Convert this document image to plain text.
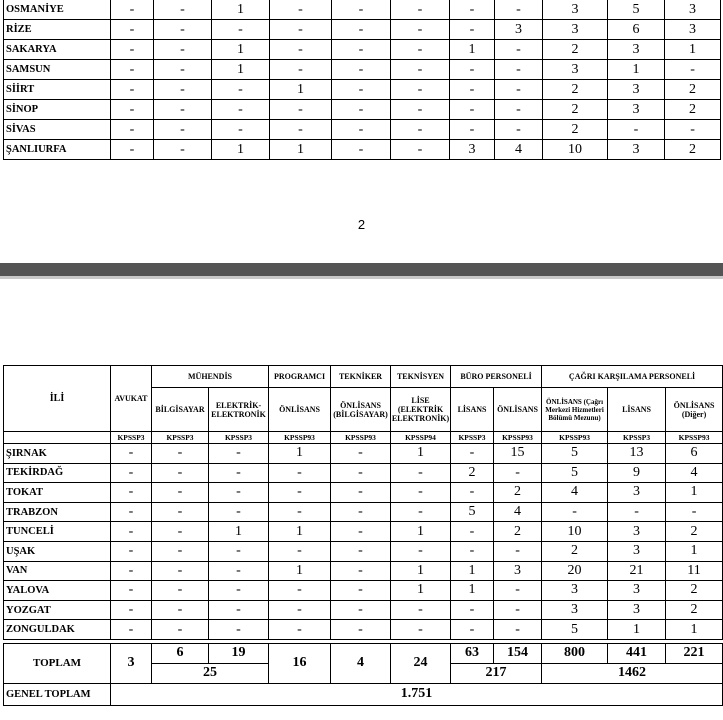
OSMANİYE	-	-	1	-	-	-	-	-	3	5	3
RİZE	-	-	-	-	-	-	-	3	3	6	3
SAKARYA	-	-	1	-	-	-	1	-	2	3	1
SAMSUN	-	-	1	-	-	-	-	-	3	1	-
SİİRT	-	-	-	1	-	-	-	-	2	3	2
SİNOP	-	-	-	-	-	-	-	-	2	3	2
SİVAS	-	-	-	-	-	-	-	-	2	-	-
ŞANLIURFA	-	-	1	1	-	-	3	4	10	3	2
2
İLİ	AVUKAT	MÜHENDİS		PROGRAMCI	TEKNİKER	TEKNİSYEN	BÜRO PERSONELİ		ÇAĞRI KARŞILAMA PERSONELİ		
		BİLGİSAYAR	ELEKTRİK-ELEKTRONİK	ÖNLİSANS	ÖNLİSANS (BİLGİSAYAR)	LİSE (ELEKTRİK ELEKTRONİK)	LİSANS	ÖNLİSANS	ÖNLİSANS (Çağrı Merkezi Hizmetleri Bölümü Mezunu)	LİSANS	ÖNLİSANS (Diğer)
	KPSSP3	KPSSP3	KPSSP3	KPSSP93	KPSSP93	KPSSP94	KPSSP3	KPSSP93	KPSSP93	KPSSP3	KPSSP93
ŞIRNAK	-	-	-	1	-	1	-	15	5	13	6
TEKİRDAĞ	-	-	-	-	-	-	2	-	5	9	4
TOKAT	-	-	-	-	-	-	-	2	4	3	1
TRABZON	-	-	-	-	-	-	5	4	-	-	-
TUNCELİ	-	-	1	1	-	1	-	2	10	3	2
UŞAK	-	-	-	-	-	-	-	-	2	3	1
VAN	-	-	-	1	-	1	1	3	20	21	11
YALOVA	-	-	-	-	-	1	1	-	3	3	2
YOZGAT	-	-	-	-	-	-	-	-	3	3	2
ZONGULDAK	-	-	-	-	-	-	-	-	5	1	1

TOPLAM	3	6	19	16	4	24	63	154	800	441	221
		25					217		1462		
GENEL TOPLAM	1.751										
